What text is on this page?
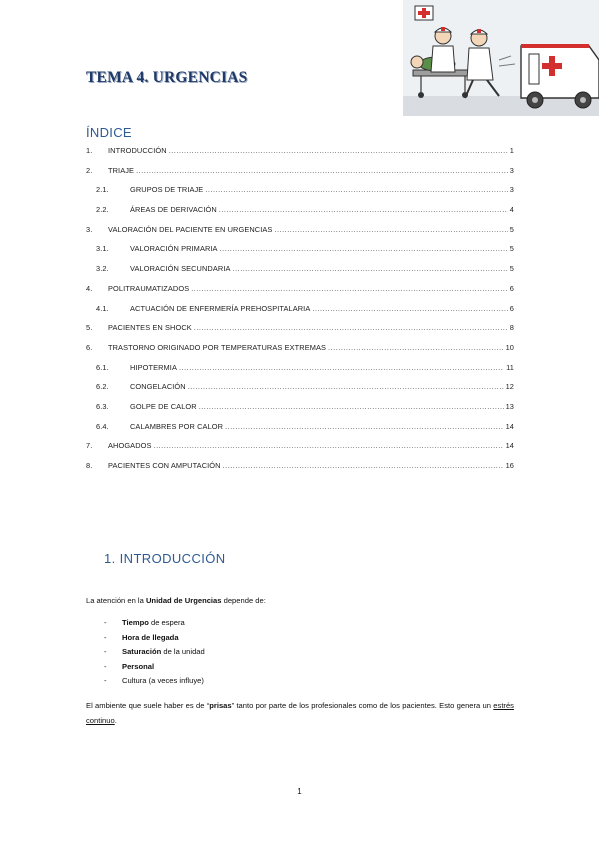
TEMA 4. URGENCIAS
ÍNDICE
1.	INTRODUCCIÓN .....	1
2.	TRIAJE .....	3
2.1.	GRUPOS DE TRIAJE .....	3
2.2.	ÁREAS DE DERIVACIÓN .....	4
3.	VALORACIÓN DEL PACIENTE EN URGENCIAS .....	5
3.1.	VALORACIÓN PRIMARIA .....	5
3.2.	VALORACIÓN SECUNDARIA .....	5
4.	POLITRAUMATIZADOS .....	6
4.1.	ACTUACIÓN DE ENFERMERÍA PREHOSPITALARIA .....	6
5.	PACIENTES EN SHOCK .....	8
6.	TRASTORNO ORIGINADO POR TEMPERATURAS EXTREMAS .....	10
6.1.	HIPOTERMIA .....	11
6.2.	CONGELACIÓN .....	12
6.3.	GOLPE DE CALOR .....	13
6.4.	CALAMBRES POR CALOR .....	14
7.	AHOGADOS .....	14
8.	PACIENTES CON AMPUTACIÓN .....	16
1. INTRODUCCIÓN

La atención en la Unidad de Urgencias depende de:

- Tiempo de espera
- Hora de llegada
- Saturación de la unidad
- Personal
- Cultura (a veces influye)

El ambiente que suele haber es de “prisas” tanto por parte de los profesionales como de los pacientes. Esto genera un estrés continuo.

1
